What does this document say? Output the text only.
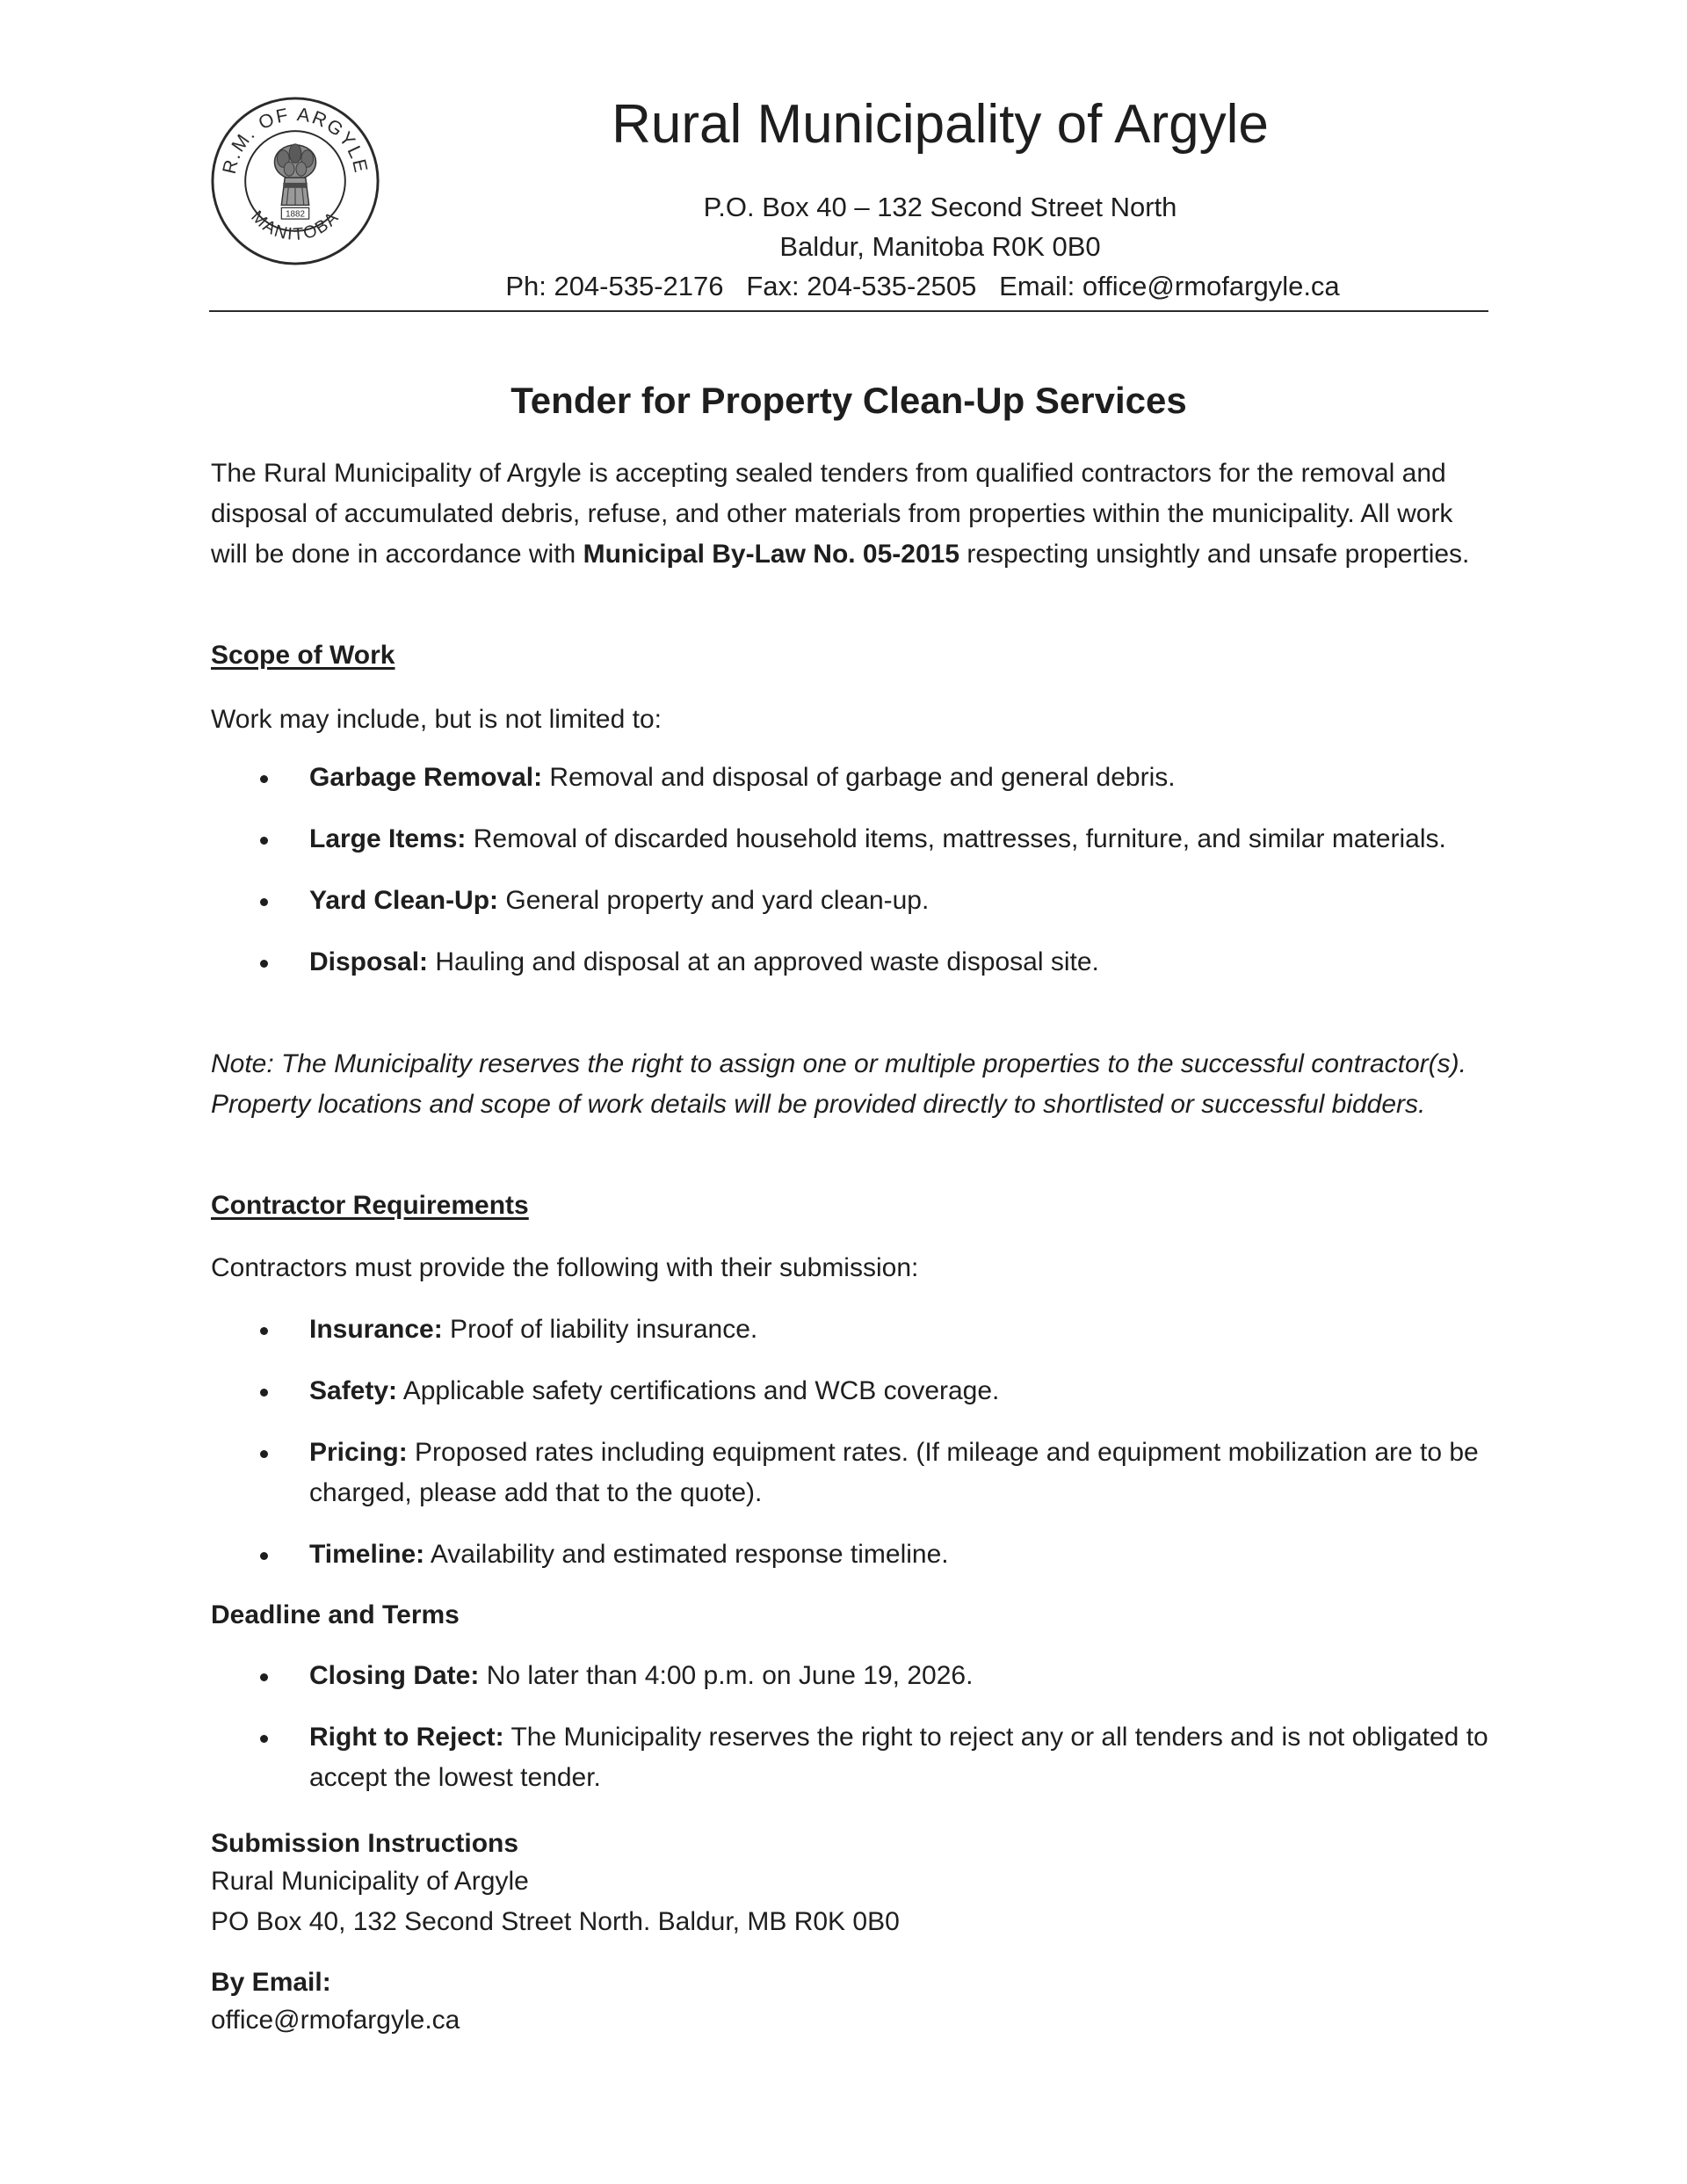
R.M. OF ARGYLE
MANITOBA
1882
Rural Municipality of Argyle
P.O. Box 40 – 132 Second Street North
Baldur, Manitoba R0K 0B0
Ph: 204-535-2176   Fax: 204-535-2505   Email: office@rmofargyle.ca
Tender for Property Clean-Up Services

The Rural Municipality of Argyle is accepting sealed tenders from qualified contractors for the removal and disposal of accumulated debris, refuse, and other materials from properties within the municipality. All work will be done in accordance with Municipal By-Law No. 05-2015 respecting unsightly and unsafe properties.

Scope of Work
Work may include, but is not limited to:
Garbage Removal: Removal and disposal of garbage and general debris.
Large Items: Removal of discarded household items, mattresses, furniture, and similar materials.
Yard Clean-Up: General property and yard clean-up.
Disposal: Hauling and disposal at an approved waste disposal site.
Note: The Municipality reserves the right to assign one or multiple properties to the successful contractor(s). Property locations and scope of work details will be provided directly to shortlisted or successful bidders.
Contractor Requirements
Contractors must provide the following with their submission:
Insurance: Proof of liability insurance.
Safety: Applicable safety certifications and WCB coverage.
Pricing: Proposed rates including equipment rates. (If mileage and equipment mobilization are to be charged, please add that to the quote).
Timeline: Availability and estimated response timeline.
Deadline and Terms
Closing Date: No later than 4:00 p.m. on June 19, 2026.
Right to Reject: The Municipality reserves the right to reject any or all tenders and is not obligated to accept the lowest tender.
Submission Instructions
Rural Municipality of Argyle
PO Box 40, 132 Second Street North. Baldur, MB R0K 0B0
By Email:
office@rmofargyle.ca
